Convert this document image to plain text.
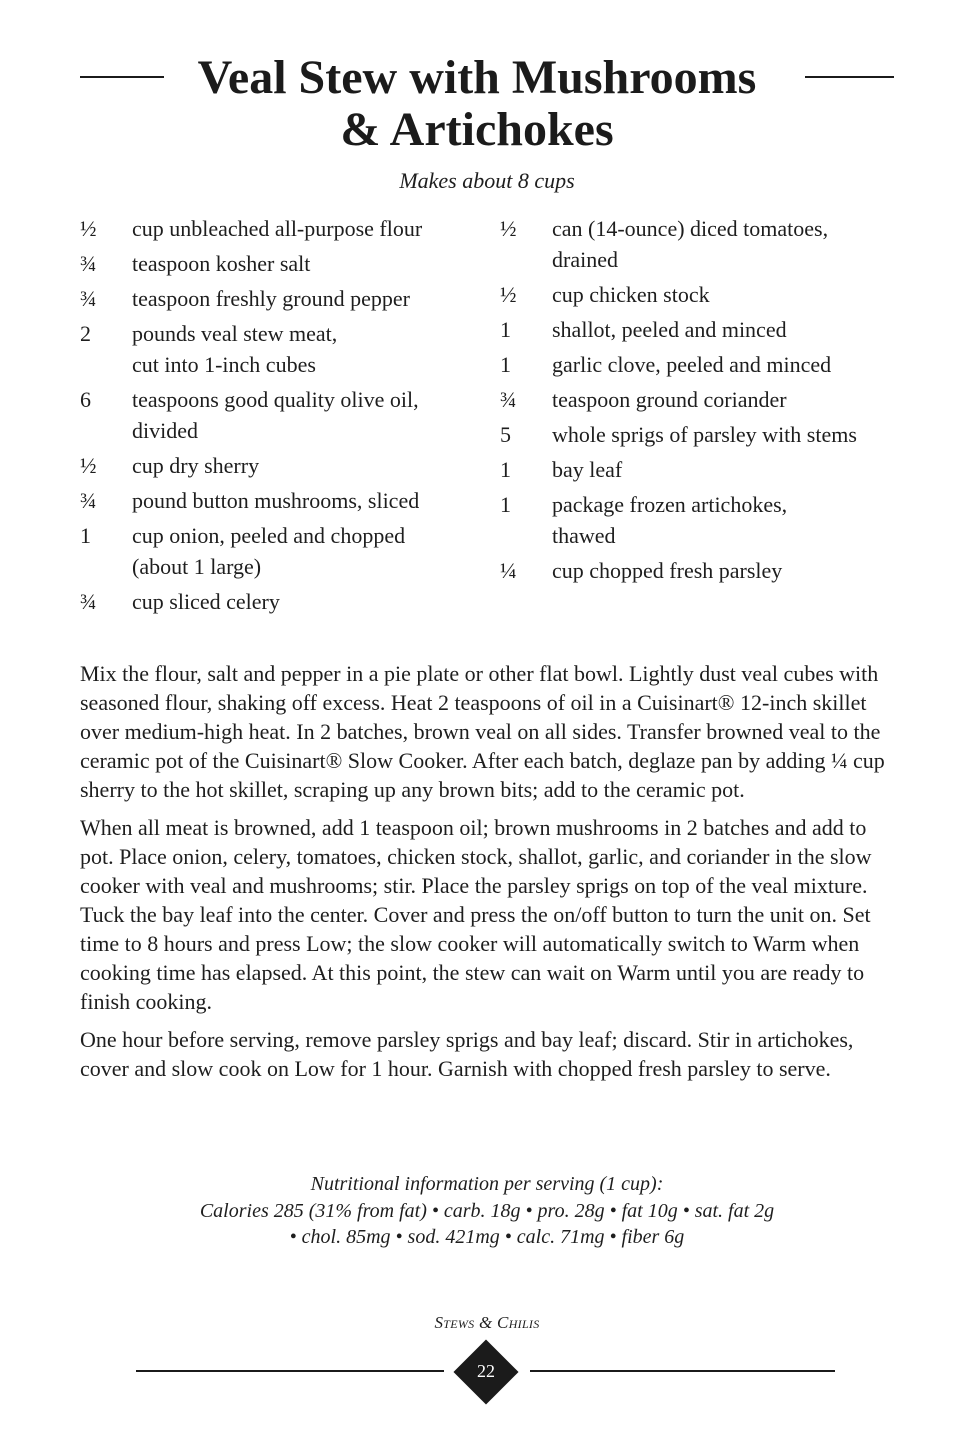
Veal Stew with Mushrooms
& Artichokes
Makes about 8 cups
½	cup unbleached all-purpose flour
¾	teaspoon kosher salt
¾	teaspoon freshly ground pepper
2	pounds veal stew meat,
cut into 1-inch cubes
6	teaspoons good quality olive oil,
divided
½	cup dry sherry
¾	pound button mushrooms, sliced
1	cup onion, peeled and chopped
(about 1 large)
¾	cup sliced celery
½	can (14-ounce) diced tomatoes,
drained
½	cup chicken stock
1	shallot, peeled and minced
1	garlic clove, peeled and minced
¾	teaspoon ground coriander
5	whole sprigs of parsley with stems
1	bay leaf
1	package frozen artichokes,
thawed
¼	cup chopped fresh parsley

Mix the flour, salt and pepper in a pie plate or other flat bowl. Lightly dust veal cubes with seasoned flour, shaking off excess. Heat 2 teaspoons of oil in a Cuisinart® 12-inch skillet over medium-high heat. In 2 batches, brown veal on all sides. Transfer browned veal to the ceramic pot of the Cuisinart® Slow Cooker. After each batch, deglaze pan by adding ¼ cup sherry to the hot skillet, scraping up any brown bits; add to the ceramic pot.

When all meat is browned, add 1 teaspoon oil; brown mushrooms in 2 batches and add to pot. Place onion, celery, tomatoes, chicken stock, shallot, garlic, and coriander in the slow cooker with veal and mushrooms; stir. Place the parsley sprigs on top of the veal mixture. Tuck the bay leaf into the center. Cover and press the on/off button to turn the unit on. Set time to 8 hours and press Low; the slow cooker will automatically switch to Warm when cooking time has elapsed. At this point, the stew can wait on Warm until you are ready to finish cooking.

One hour before serving, remove parsley sprigs and bay leaf; discard. Stir in artichokes, cover and slow cook on Low for 1 hour. Garnish with chopped fresh parsley to serve.

Nutritional information per serving (1 cup):
Calories 285 (31% from fat) • carb. 18g • pro. 28g • fat 10g • sat. fat 2g
• chol. 85mg • sod. 421mg • calc. 71mg • fiber 6g
Stews & Chilis
22
